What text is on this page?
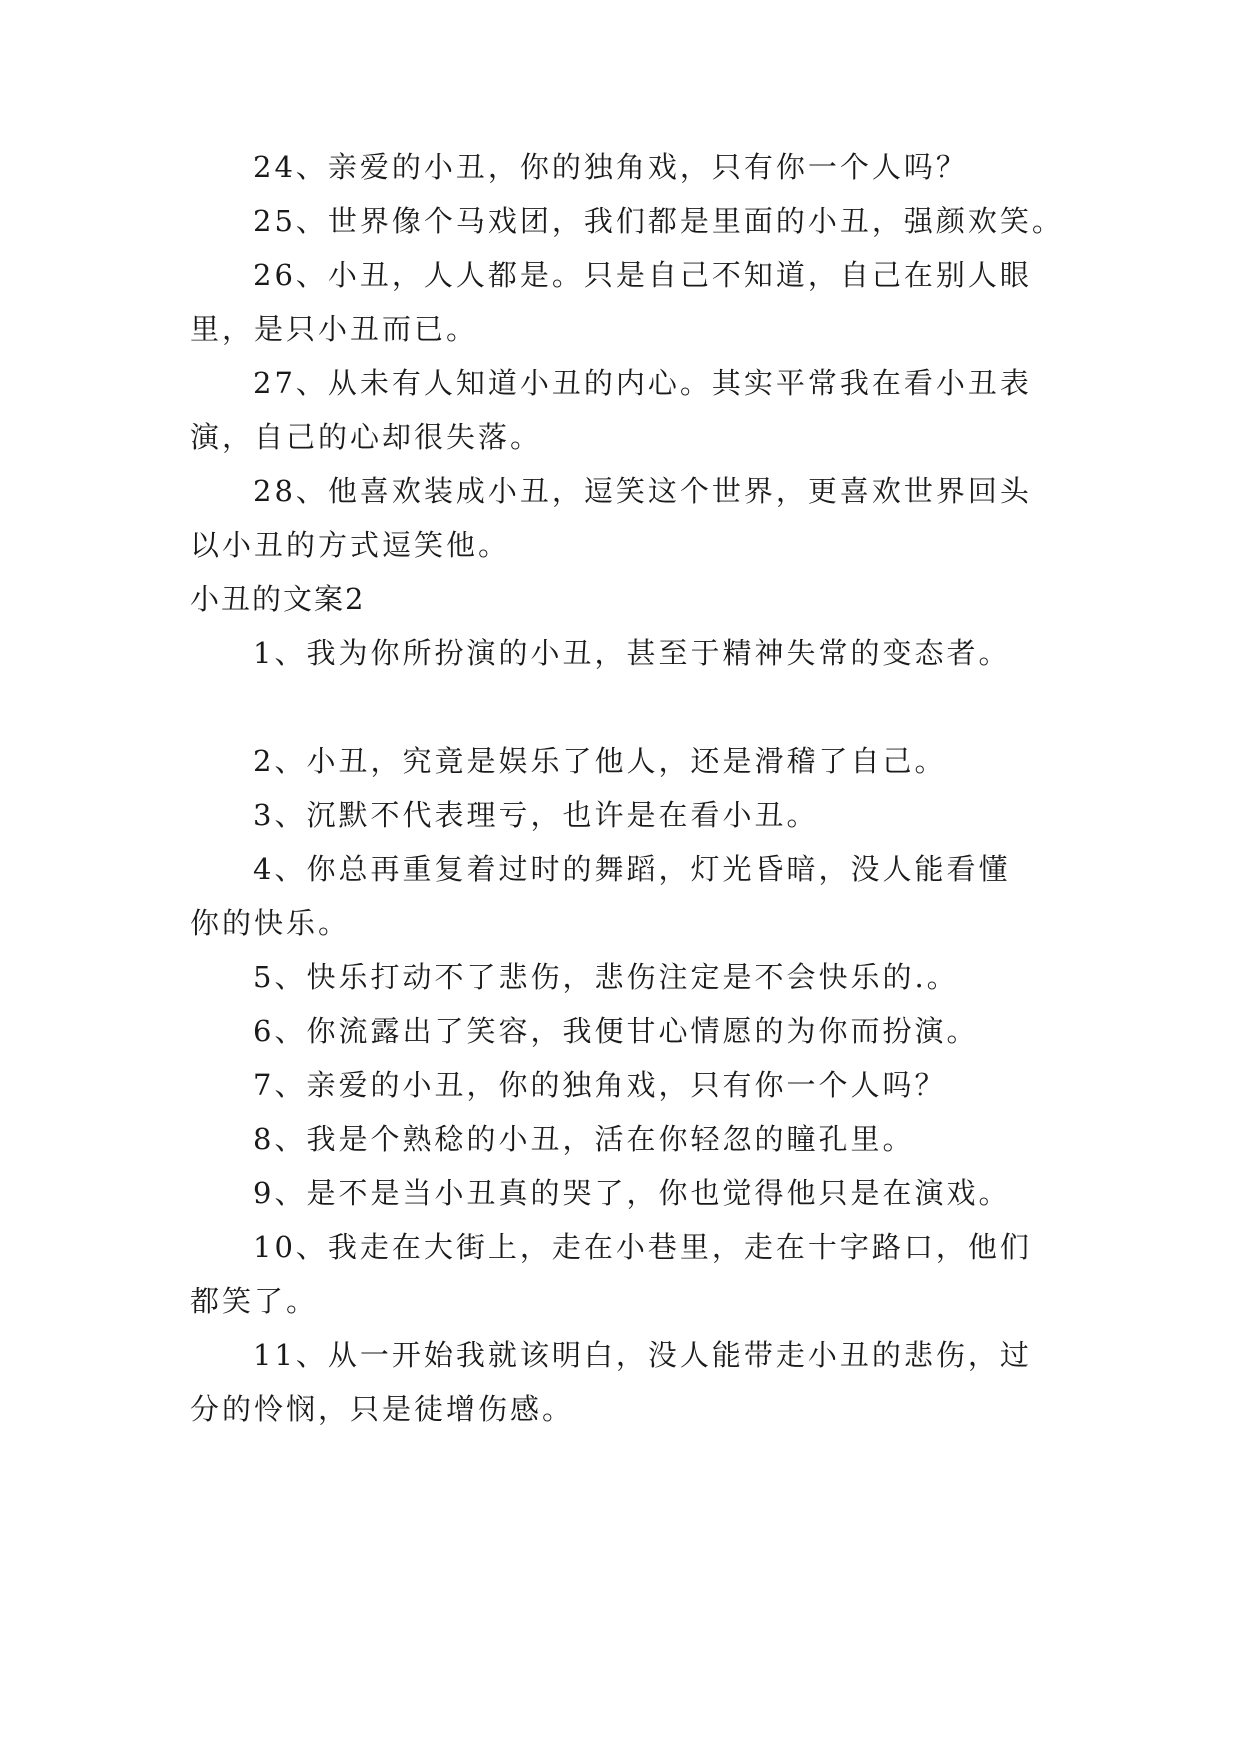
24、亲爱的小丑，你的独角戏，只有你一个人吗？
25、世界像个马戏团，我们都是里面的小丑，强颜欢笑。
26、小丑，人人都是。只是自己不知道，自己在别人眼
里，是只小丑而已。
27、从未有人知道小丑的内心。其实平常我在看小丑表
演，自己的心却很失落。
28、他喜欢装成小丑，逗笑这个世界，更喜欢世界回头
以小丑的方式逗笑他。
小丑的文案2
1、我为你所扮演的小丑，甚至于精神失常的变态者。
2、小丑，究竟是娱乐了他人，还是滑稽了自己。
3、沉默不代表理亏，也许是在看小丑。
4、你总再重复着过时的舞蹈，灯光昏暗，没人能看懂
你的快乐。
5、快乐打动不了悲伤，悲伤注定是不会快乐的.。
6、你流露出了笑容，我便甘心情愿的为你而扮演。
7、亲爱的小丑，你的独角戏，只有你一个人吗？
8、我是个熟稔的小丑，活在你轻忽的瞳孔里。
9、是不是当小丑真的哭了，你也觉得他只是在演戏。
10、我走在大街上，走在小巷里，走在十字路口，他们
都笑了。
11、从一开始我就该明白，没人能带走小丑的悲伤，过
分的怜悯，只是徒增伤感。
